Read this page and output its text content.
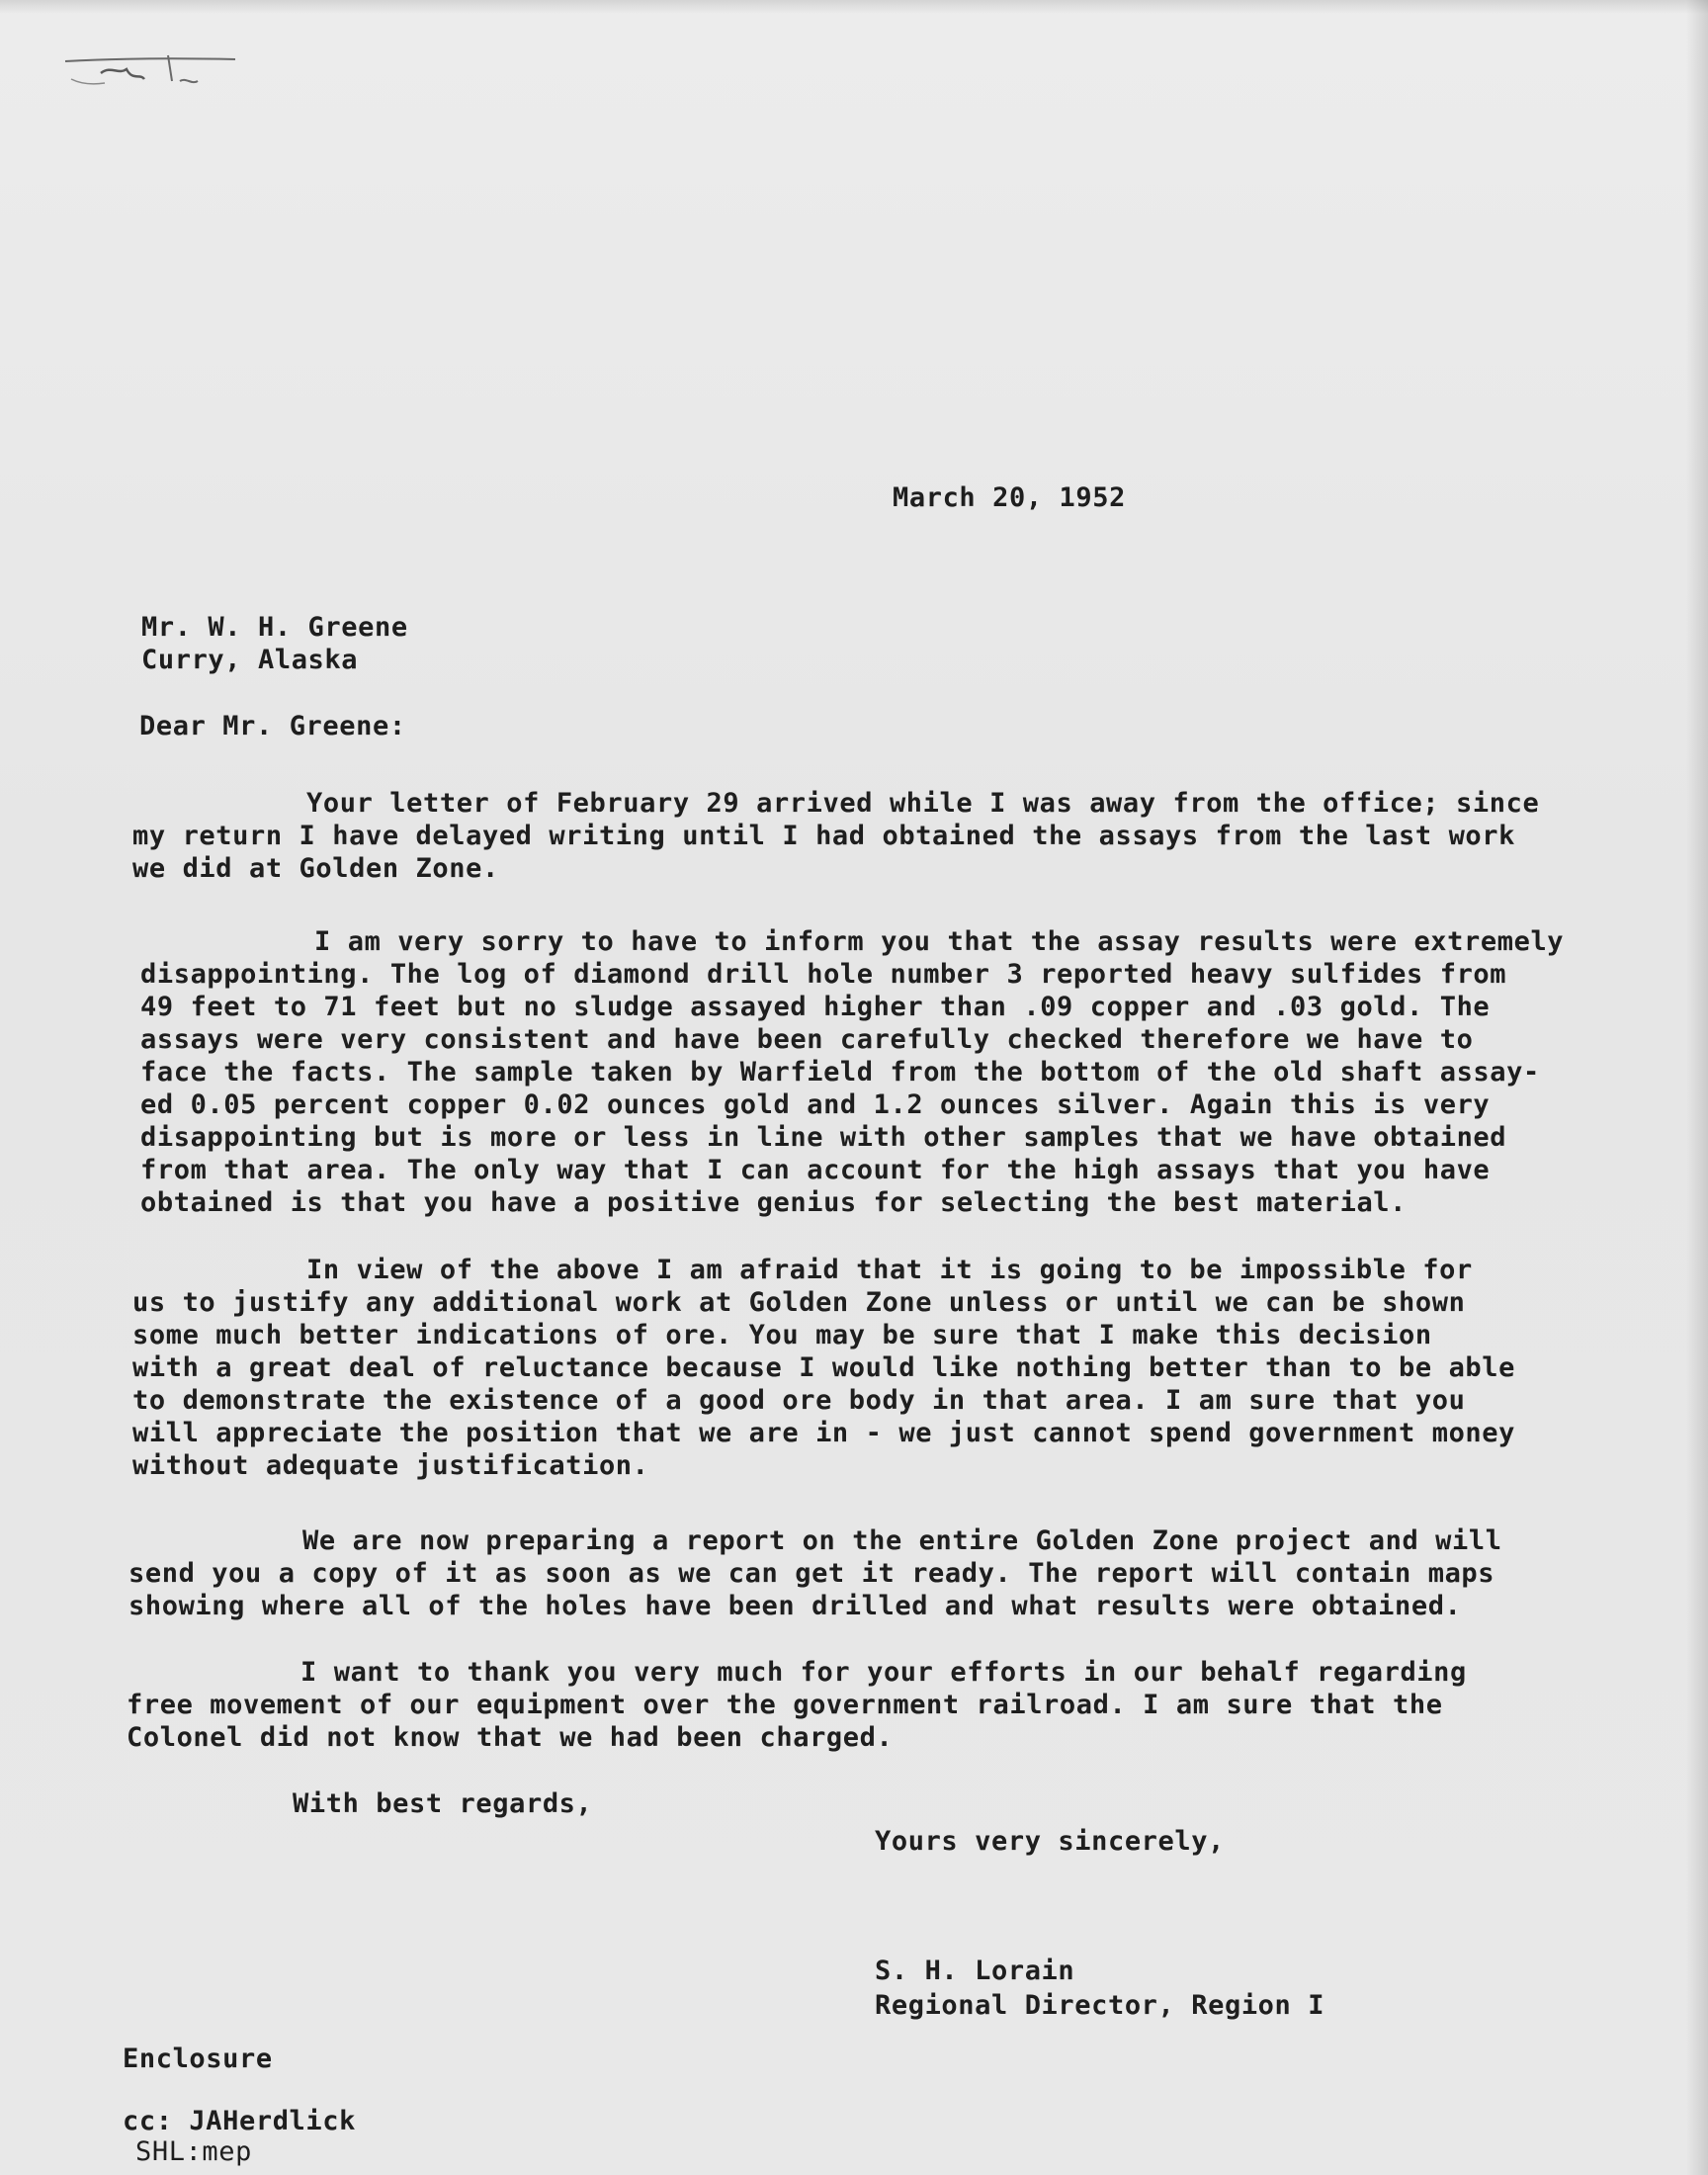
March 20, 1952
Mr. W. H. Greene
Curry, Alaska
Dear Mr. Greene:
Your letter of February 29 arrived while I was away from the office; since
my return I have delayed writing until I had obtained the assays from the last work
we did at Golden Zone.
I am very sorry to have to inform you that the assay results were extremely
disappointing. The log of diamond drill hole number 3 reported heavy sulfides from
49 feet to 71 feet but no sludge assayed higher than .09 copper and .03 gold. The
assays were very consistent and have been carefully checked therefore we have to
face the facts. The sample taken by Warfield from the bottom of the old shaft assay-
ed 0.05 percent copper 0.02 ounces gold and 1.2 ounces silver. Again this is very
disappointing but is more or less in line with other samples that we have obtained
from that area. The only way that I can account for the high assays that you have
obtained is that you have a positive genius for selecting the best material.
In view of the above I am afraid that it is going to be impossible for
us to justify any additional work at Golden Zone unless or until we can be shown
some much better indications of ore. You may be sure that I make this decision
with a great deal of reluctance because I would like nothing better than to be able
to demonstrate the existence of a good ore body in that area. I am sure that you
will appreciate the position that we are in - we just cannot spend government money
without adequate justification.
We are now preparing a report on the entire Golden Zone project and will
send you a copy of it as soon as we can get it ready. The report will contain maps
showing where all of the holes have been drilled and what results were obtained.
I want to thank you very much for your efforts in our behalf regarding
free movement of our equipment over the government railroad. I am sure that the
Colonel did not know that we had been charged.
With best regards,
Yours very sincerely,
S. H. Lorain
Regional Director, Region I
Enclosure
cc: JAHerdlick
SHL:mep
